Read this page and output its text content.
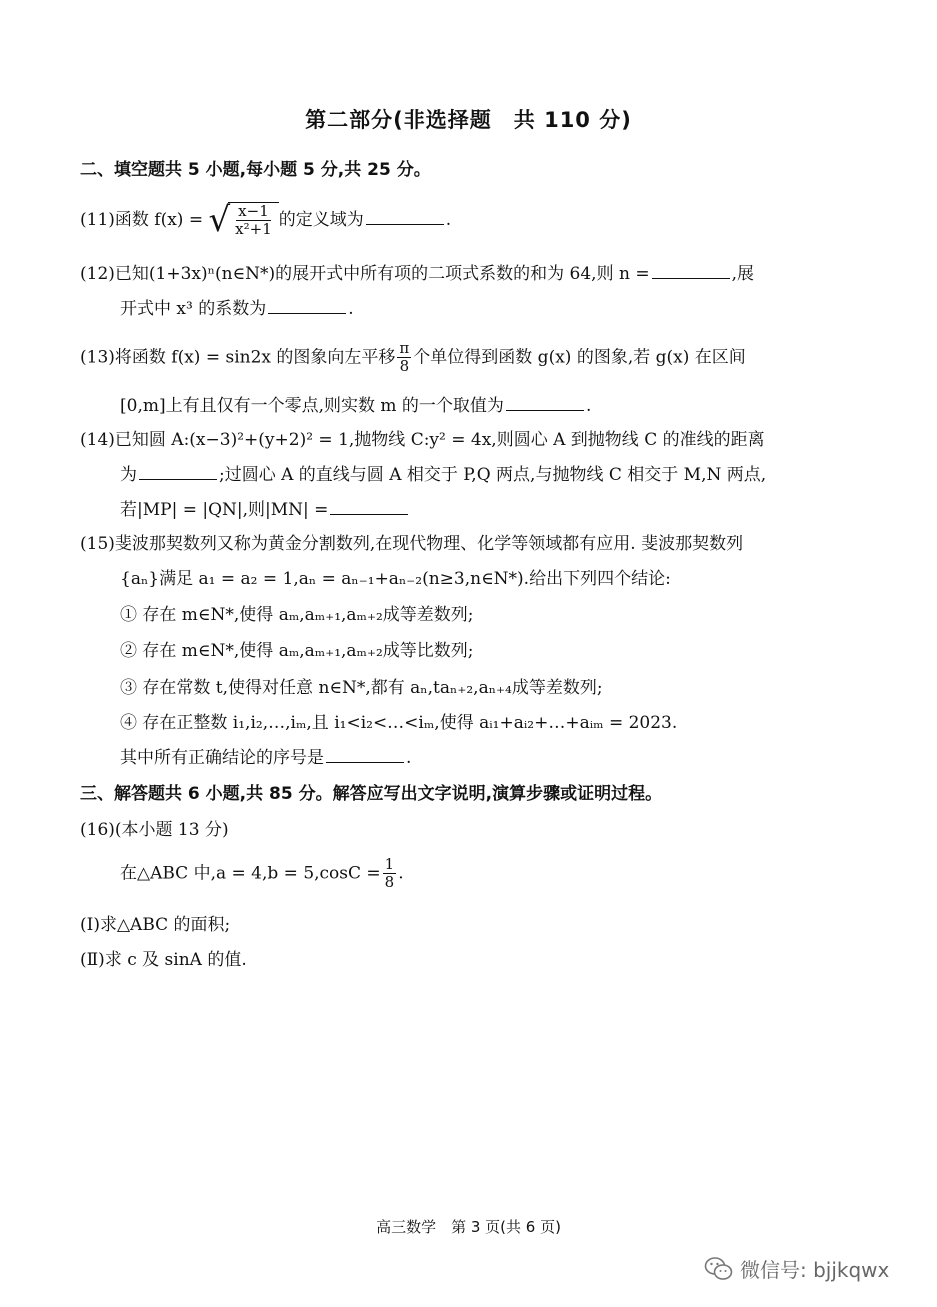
第二部分(非选择题　共 110 分)
二、填空题共 5 小题,每小题 5 分,共 25 分。
(11)函数 f(x) = √ $\frac{x-1}{\text{x²+1}}$ 的定义域为	.
(12)已知(1+3x)ⁿ(n∈N*)的展开式中所有项的二项式系数的和为 64,则 n =	,展
开式中 x³ 的系数为	.
(13)将函数 f(x) = sin2x 的图象向左平移 $\frac{\pi}{8}$ 个单位得到函数 g(x) 的图象,若 g(x) 在区间
[0,m]上有且仅有一个零点,则实数 m 的一个取值为	.
(14)已知圆 A:(x−3)²+(y+2)² = 1,抛物线 C:y² = 4x,则圆心 A 到抛物线 C 的准线的距离
为	;过圆心 A 的直线与圆 A 相交于 P,Q 两点,与抛物线 C 相交于 M,N 两点,
若|MP| = |QN|,则|MN| =
(15)斐波那契数列又称为黄金分割数列,在现代物理、化学等领域都有应用. 斐波那契数列
{aₙ}满足 a₁ = a₂ = 1,aₙ = aₙ₋₁+aₙ₋₂(n≥3,n∈N*).给出下列四个结论:
① 存在 m∈N*,使得 aₘ,aₘ₊₁,aₘ₊₂成等差数列;
② 存在 m∈N*,使得 aₘ,aₘ₊₁,aₘ₊₂成等比数列;
③ 存在常数 t,使得对任意 n∈N*,都有 aₙ,taₙ₊₂,aₙ₊₄成等差数列;
④ 存在正整数 i₁,i₂,…,iₘ,且 i₁<i₂<…<iₘ,使得 aᵢ₁+aᵢ₂+…+aᵢₘ = 2023.
其中所有正确结论的序号是	.
三、解答题共 6 小题,共 85 分。解答应写出文字说明,演算步骤或证明过程。
(16)(本小题 13 分)
在△ABC 中$,a = 4,b = 5,\cos C = \frac{1}{8}$ .
(Ⅰ)求△ABC 的面积;
(Ⅱ)求 c 及 sinA 的值.
高三数学　第 3 页(共 6 页)
微信号: bjjkqwx
